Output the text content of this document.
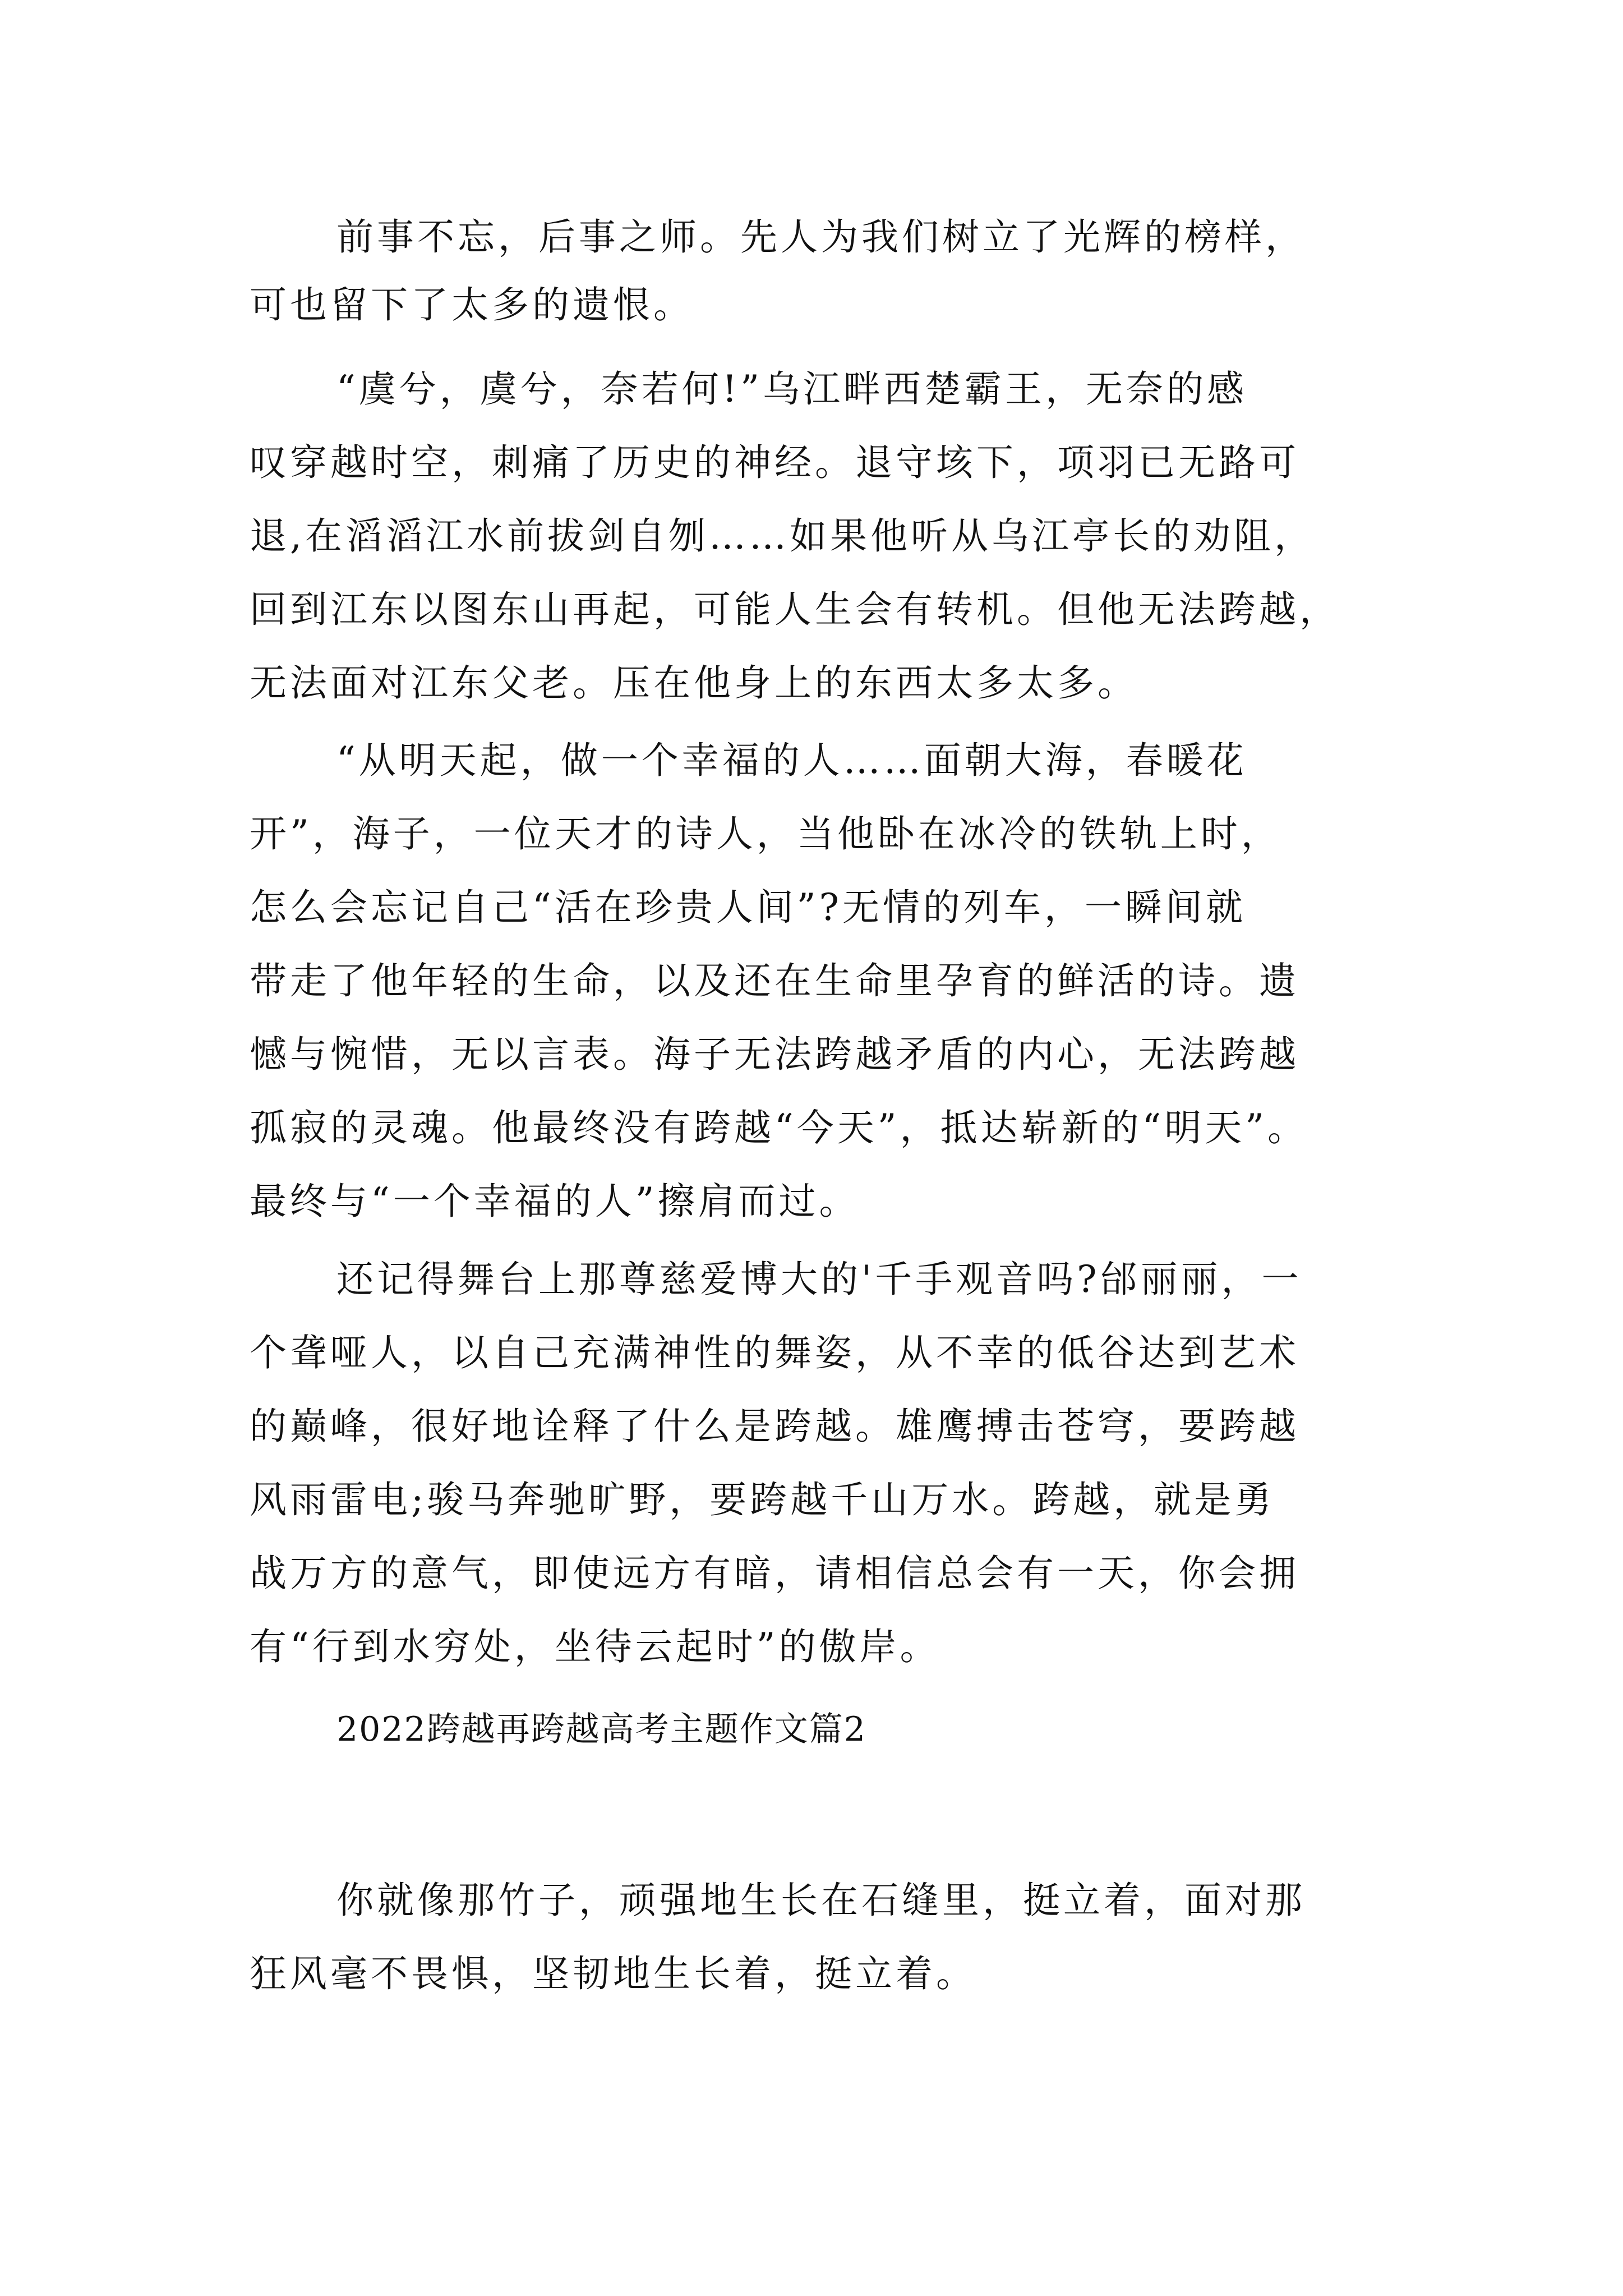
前事不忘，后事之师。先人为我们树立了光辉的榜样，

可也留下了太多的遗恨。

“虞兮，虞兮，奈若何!”乌江畔西楚霸王，无奈的感

叹穿越时空，刺痛了历史的神经。退守垓下，项羽已无路可

退,在滔滔江水前拔剑自刎……如果他听从乌江亭长的劝阻，

回到江东以图东山再起，可能人生会有转机。但他无法跨越，

无法面对江东父老。压在他身上的东西太多太多。

“从明天起，做一个幸福的人……面朝大海，春暖花

开”，海子，一位天才的诗人，当他卧在冰冷的铁轨上时，

怎么会忘记自己“活在珍贵人间”?无情的列车，一瞬间就

带走了他年轻的生命，以及还在生命里孕育的鲜活的诗。遗

憾与惋惜，无以言表。海子无法跨越矛盾的内心，无法跨越

孤寂的灵魂。他最终没有跨越“今天”，抵达崭新的“明天”。

最终与“一个幸福的人”擦肩而过。

还记得舞台上那尊慈爱博大的'千手观音吗?邰丽丽，一

个聋哑人，以自己充满神性的舞姿，从不幸的低谷达到艺术

的巅峰，很好地诠释了什么是跨越。雄鹰搏击苍穹，要跨越

风雨雷电;骏马奔驰旷野，要跨越千山万水。跨越，就是勇

战万方的意气，即使远方有暗，请相信总会有一天，你会拥

有“行到水穷处，坐待云起时”的傲岸。

2022跨越再跨越高考主题作文篇2

你就像那竹子，顽强地生长在石缝里，挺立着，面对那

狂风毫不畏惧，坚韧地生长着，挺立着。
